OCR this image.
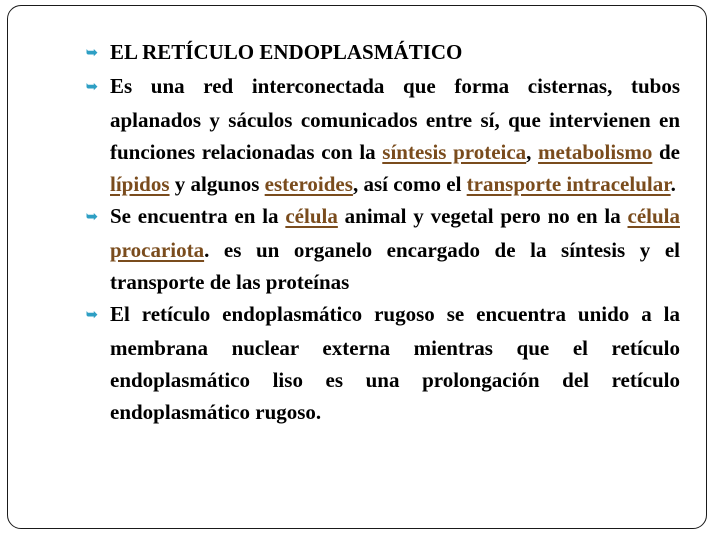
➥ EL RETÍCULO ENDOPLASMÁTICO

➥ Es una red interconectada que forma cisternas, tubos aplanados y sáculos comunicados entre sí, que intervienen en funciones relacionadas con la síntesis proteica, metabolismo de lípidos y algunos esteroides, así como el transporte intracelular.

➥ Se encuentra en la célula animal y vegetal pero no en la célula procariota. es un organelo encargado de la síntesis y el transporte de las proteínas

➥ El retículo endoplasmático rugoso se encuentra unido a la membrana nuclear externa mientras que el retículo endoplasmático liso es una prolongación del retículo endoplasmático rugoso.
